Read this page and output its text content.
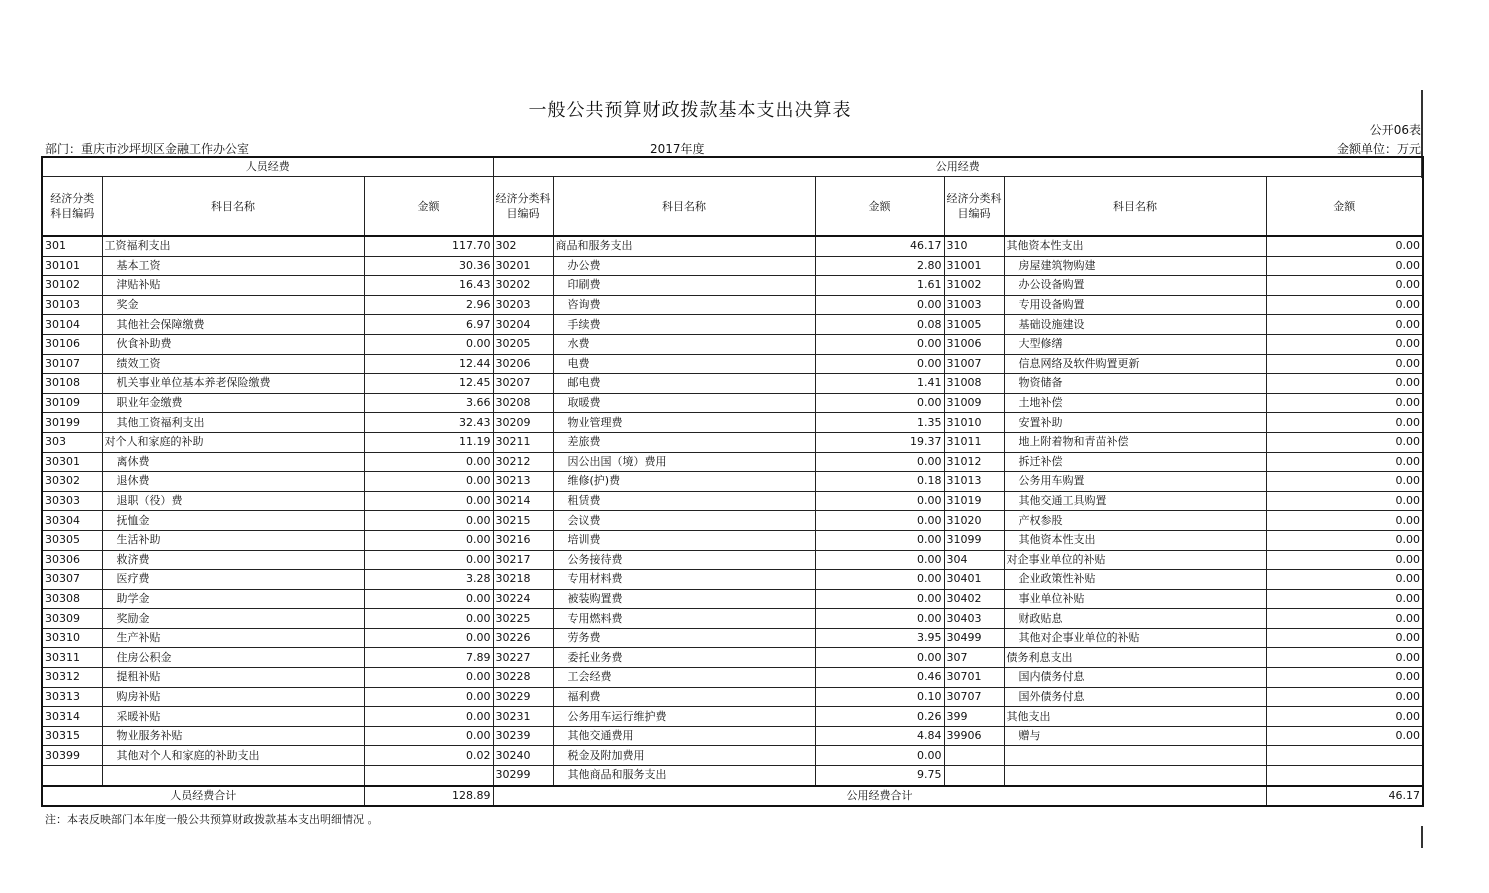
一般公共预算财政拨款基本支出决算表
公开06表
部门：重庆市沙坪坝区金融工作办公室	2017年度	金额单位：万元
人员经费			公用经费					
经济分类科目编码	科目名称	金额	经济分类科目编码	科目名称	金额	经济分类科目编码	科目名称	金额
301	工资福利支出	117.70	302	商品和服务支出	46.17	310	其他资本性支出	0.00
30101	基本工资	30.36	30201	办公费	2.80	31001	房屋建筑物购建	0.00
30102	津贴补贴	16.43	30202	印刷费	1.61	31002	办公设备购置	0.00
30103	奖金	2.96	30203	咨询费	0.00	31003	专用设备购置	0.00
30104	其他社会保障缴费	6.97	30204	手续费	0.08	31005	基础设施建设	0.00
30106	伙食补助费	0.00	30205	水费	0.00	31006	大型修缮	0.00
30107	绩效工资	12.44	30206	电费	0.00	31007	信息网络及软件购置更新	0.00
30108	机关事业单位基本养老保险缴费	12.45	30207	邮电费	1.41	31008	物资储备	0.00
30109	职业年金缴费	3.66	30208	取暖费	0.00	31009	土地补偿	0.00
30199	其他工资福利支出	32.43	30209	物业管理费	1.35	31010	安置补助	0.00
303	对个人和家庭的补助	11.19	30211	差旅费	19.37	31011	地上附着物和青苗补偿	0.00
30301	离休费	0.00	30212	因公出国（境）费用	0.00	31012	拆迁补偿	0.00
30302	退休费	0.00	30213	维修(护)费	0.18	31013	公务用车购置	0.00
30303	退职（役）费	0.00	30214	租赁费	0.00	31019	其他交通工具购置	0.00
30304	抚恤金	0.00	30215	会议费	0.00	31020	产权参股	0.00
30305	生活补助	0.00	30216	培训费	0.00	31099	其他资本性支出	0.00
30306	救济费	0.00	30217	公务接待费	0.00	304	对企事业单位的补贴	0.00
30307	医疗费	3.28	30218	专用材料费	0.00	30401	企业政策性补贴	0.00
30308	助学金	0.00	30224	被装购置费	0.00	30402	事业单位补贴	0.00
30309	奖励金	0.00	30225	专用燃料费	0.00	30403	财政贴息	0.00
30310	生产补贴	0.00	30226	劳务费	3.95	30499	其他对企事业单位的补贴	0.00
30311	住房公积金	7.89	30227	委托业务费	0.00	307	债务利息支出	0.00
30312	提租补贴	0.00	30228	工会经费	0.46	30701	国内债务付息	0.00
30313	购房补贴	0.00	30229	福利费	0.10	30707	国外债务付息	0.00
30314	采暖补贴	0.00	30231	公务用车运行维护费	0.26	399	其他支出	0.00
30315	物业服务补贴	0.00	30239	其他交通费用	4.84	39906	赠与	0.00
30399	其他对个人和家庭的补助支出	0.02	30240	税金及附加费用	0.00			
			30299	其他商品和服务支出	9.75			
人员经费合计		128.89	公用经费合计					46.17
注：本表反映部门本年度一般公共预算财政拨款基本支出明细情况 。
